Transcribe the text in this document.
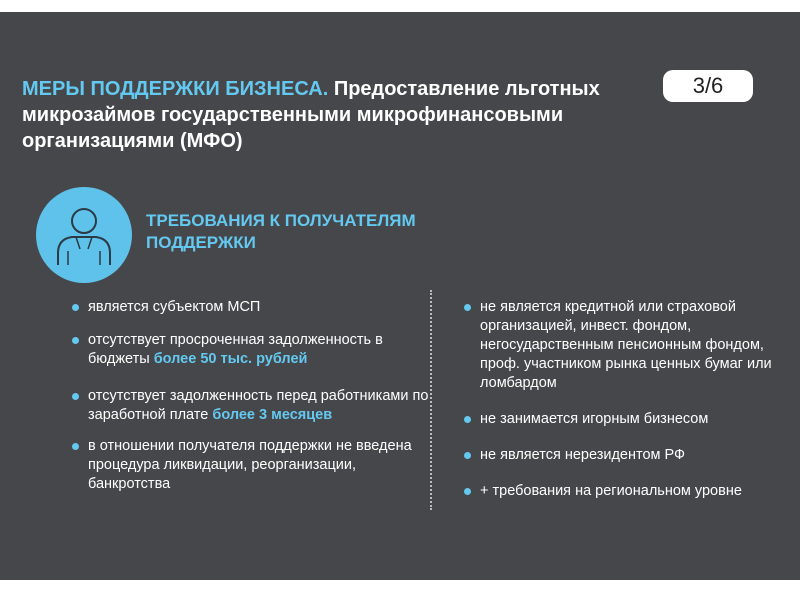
МЕРЫ ПОДДЕРЖКИ БИЗНЕСА. Предоставление льготных микрозаймов государственными микрофинансовыми организациями (МФО)
3/6
ТРЕБОВАНИЯ К ПОЛУЧАТЕЛЯМ
ПОДДЕРЖКИ
является субъектом МСП
отсутствует просроченная задолженность в бюджеты более 50 тыс. рублей
отсутствует задолженность перед работниками по заработной плате более 3 месяцев
в отношении получателя поддержки не введена процедура ликвидации, реорганизации, банкротства
не является кредитной или страховой организацией, инвест. фондом, негосударственным пенсионным фондом, проф. участником рынка ценных бумаг или ломбардом
не занимается игорным бизнесом
не является нерезидентом РФ
+ требования на региональном уровне
